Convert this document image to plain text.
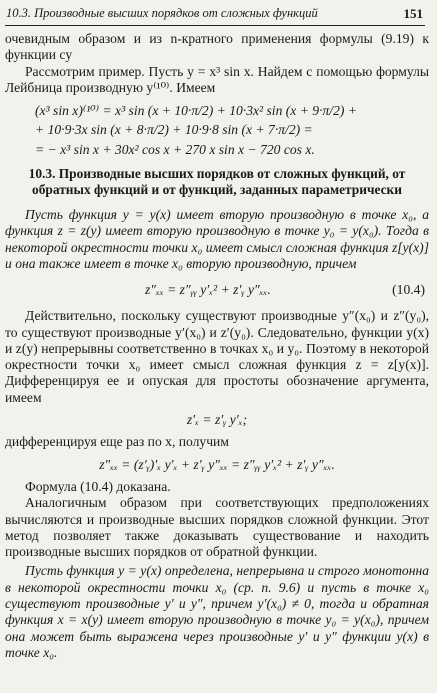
10.3. Производные высших порядков от сложных функций	151

очевидным образом и из n-кратного применения формулы (9.19) к функции cy

Рассмотрим пример. Пусть y = x³ sin x. Найдем с помощью формулы Лейбница производную y⁽¹⁰⁾. Имеем

(x³ sin x)⁽¹⁰⁾ = x³ sin (x + 10·π/2) + 10·3x² sin (x + 9·π/2) +
+ 10·9·3x sin (x + 8·π/2) + 10·9·8 sin (x + 7·π/2) =
= − x³ sin x + 30x² cos x + 270 x sin x − 720 cos x.
10.3. Производные высших порядков от сложных функций, от обратных функций и от функций, заданных параметрически

Пусть функция y = y(x) имеет вторую производную в точке x₀, а функция z = z(y) имеет вторую производную в точке y₀ = y(x₀). Тогда в некоторой окрестности точки x₀ имеет смысл сложная функция z[y(x)] и она также имеет в точке x₀ вторую производную, причем

z″ₓₓ = z″ᵧᵧ y′ₓ² + z′ᵧ y″ₓₓ.	(10.4)

Действительно, поскольку существуют производные y″(x₀) и z″(y₀), то существуют производные y′(x₀) и z′(y₀). Следовательно, функции y(x) и z(y) непрерывны соответственно в точках x₀ и y₀. Поэтому в некоторой окрестности точки x₀ имеет смысл сложная функция z = z[y(x)]. Дифференцируя ее и опуская для простоты обозначение аргумента, имеем

z′ₓ = z′ᵧ y′ₓ;

дифференцируя еще раз по x, получим

z″ₓₓ = (z′ᵧ)′ₓ y′ₓ + z′ᵧ y″ₓₓ = z″ᵧᵧ y′ₓ² + z′ᵧ y″ₓₓ.

Формула (10.4) доказана.

Аналогичным образом при соответствующих предположениях вычисляются и производные высших порядков сложной функции. Этот метод позволяет также доказывать существование и находить производные высших порядков от обратной функции.

Пусть функция y = y(x) определена, непрерывна и строго монотонна в некоторой окрестности точки x₀ (ср. п. 9.6) и пусть в точке x₀ существуют производные y′ и y″, причем y′(x₀) ≠ 0, тогда и обратная функция x = x(y) имеет вторую производную в точке y₀ = y(x₀), причем она может быть выражена через производные y′ и y″ функции y(x) в точке x₀.
